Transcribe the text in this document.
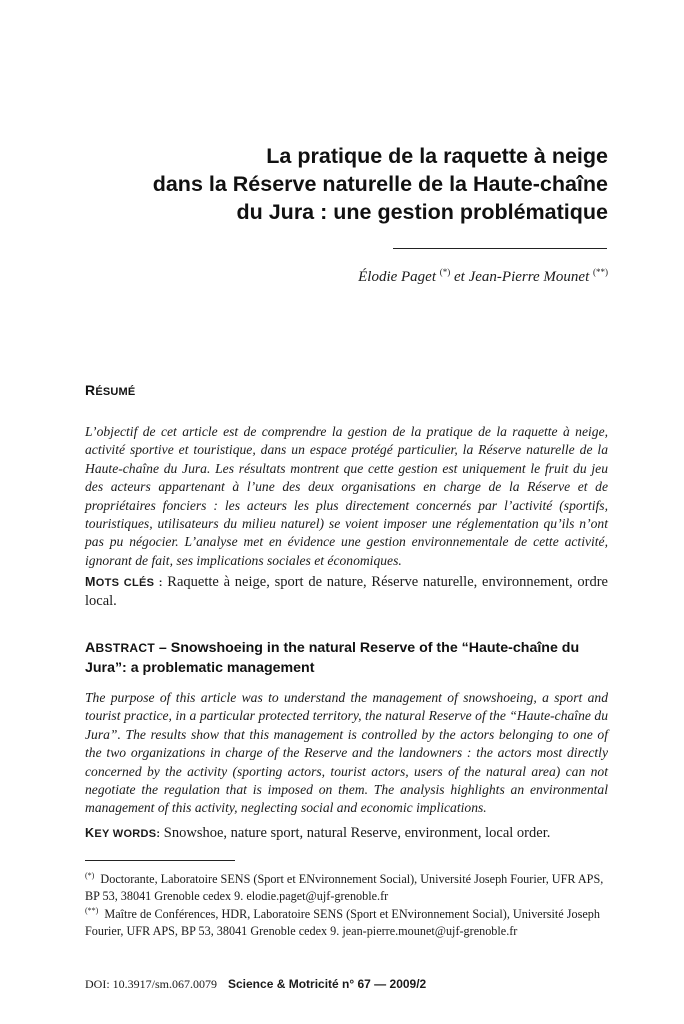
La pratique de la raquette à neige
dans la Réserve naturelle de la Haute-chaîne
du Jura : une gestion problématique
Élodie Paget (*) et Jean-Pierre Mounet (**)
RÉSUMÉ

L’objectif de cet article est de comprendre la gestion de la pratique de la raquette à neige, activité sportive et touristique, dans un espace protégé particulier, la Réserve naturelle de la Haute-chaîne du Jura. Les résultats montrent que cette gestion est uniquement le fruit du jeu des acteurs appartenant à l’une des deux organisations en charge de la Réserve et de propriétaires fonciers : les acteurs les plus directement concernés par l’activité (sportifs, touristiques, utilisateurs du milieu naturel) se voient imposer une réglementation qu’ils n’ont pas pu négocier. L’analyse met en évidence une gestion environnementale de cette activité, ignorant de fait, ses implications sociales et économiques.

MOTS CLÉS : Raquette à neige, sport de nature, Réserve naturelle, environnement, ordre local.

ABSTRACT – Snowshoeing in the natural Reserve of the “Haute-chaîne du Jura”: a problematic management

The purpose of this article was to understand the management of snowshoeing, a sport and tourist practice, in a particular protected territory, the natural Reserve of the “Haute-chaîne du Jura”. The results show that this management is controlled by the actors belonging to one of the two organizations in charge of the Reserve and the landowners : the actors most directly concerned by the activity (sporting actors, tourist actors, users of the natural area) can not negotiate the regulation that is imposed on them. The analysis highlights an environmental management of this activity, neglecting social and economic implications.

KEY WORDS: Snowshoe, nature sport, natural Reserve, environment, local order.

(*) Doctorante, Laboratoire SENS (Sport et ENvironnement Social), Université Joseph Fourier, UFR APS, BP 53, 38041 Grenoble cedex 9. elodie.paget@ujf-grenoble.fr

(**) Maître de Conférences, HDR, Laboratoire SENS (Sport et ENvironnement Social), Université Joseph Fourier, UFR APS, BP 53, 38041 Grenoble cedex 9. jean-pierre.mounet@ujf-grenoble.fr

DOI: 10.3917/sm.067.0079 Science & Motricité n° 67 — 2009/2
